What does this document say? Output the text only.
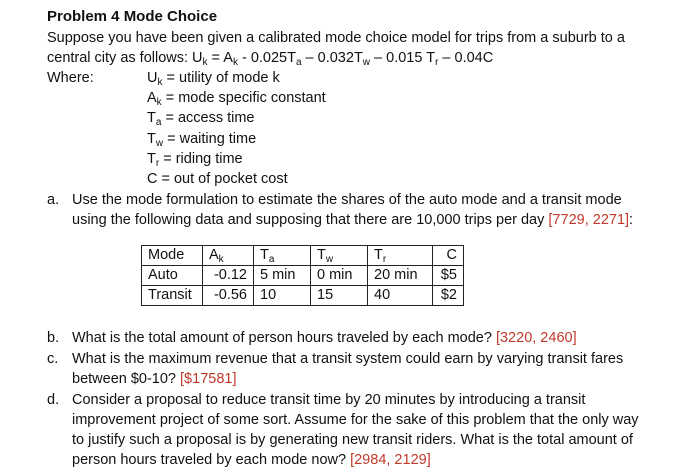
Problem 4 Mode Choice
Suppose you have been given a calibrated mode choice model for trips from a suburb to a
central city as follows: $U_k = A_k - 0.025T_a - 0.032T_w - 0.015$ $T_r - 0.04C$
Where:	$U_k$ = utility of mode k
$A_k$ = mode specific constant
$T_a$ = access time
$T_w$ = waiting time
$T_r$ = riding time
C = out of pocket cost
a. Use the mode formulation to estimate the shares of the auto mode and a transit mode
using the following data and supposing that there are 10,000 trips per day [7729, 2271]:
Mode	$A_k$	$T_a$	$T_w$	$T_r$	C
Auto	-0.12	5 min	0 min	20 min	$5
Transit	-0.56	10	15	40	$2
b. What is the total amount of person hours traveled by each mode? [3220, 2460]
c. What is the maximum revenue that a transit system could earn by varying transit fares
between $0-10? [$17581]
d. Consider a proposal to reduce transit time by 20 minutes by introducing a transit
improvement project of some sort. Assume for the sake of this problem that the only way
to justify such a proposal is by generating new transit riders. What is the total amount of
person hours traveled by each mode now? [2984, 2129]
